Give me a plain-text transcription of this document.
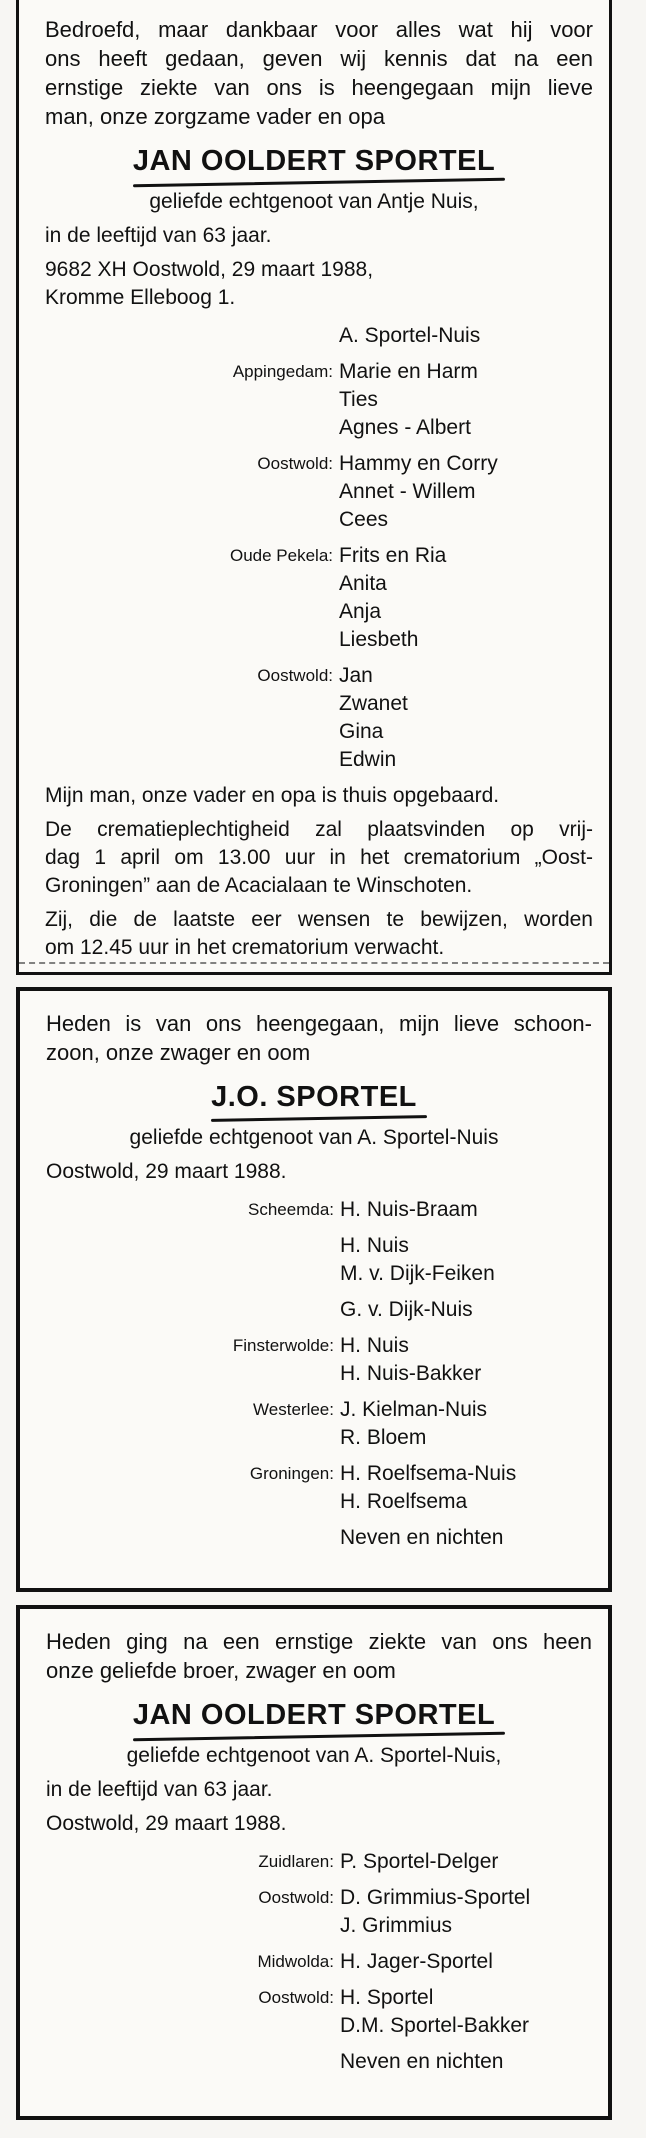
Bedroefd, maar dankbaar voor alles wat hij voor
ons heeft gedaan, geven wij kennis dat na een
ernstige ziekte van ons is heengegaan mijn lieve
man, onze zorgzame vader en opa
JAN OOLDERT SPORTEL
geliefde echtgenoot van Antje Nuis,
in de leeftijd van 63 jaar.
9682 XH Oostwold, 29 maart 1988,
Kromme Elleboog 1.
A. Sportel-Nuis
Appingedam: Marie en Harm
Ties
Agnes - Albert
Oostwold: Hammy en Corry
Annet - Willem
Cees
Oude Pekela: Frits en Ria
Anita
Anja
Liesbeth
Oostwold: Jan
Zwanet
Gina
Edwin
Mijn man, onze vader en opa is thuis opgebaard.
De crematieplechtigheid zal plaatsvinden op vrij-
dag 1 april om 13.00 uur in het crematorium „Oost-
Groningen” aan de Acacialaan te Winschoten.
Zij, die de laatste eer wensen te bewijzen, worden
om 12.45 uur in het crematorium verwacht.
Heden is van ons heengegaan, mijn lieve schoon-
zoon, onze zwager en oom
J.O. SPORTEL
geliefde echtgenoot van A. Sportel-Nuis
Oostwold, 29 maart 1988.
Scheemda: H. Nuis-Braam
H. Nuis
M. v. Dijk-Feiken
G. v. Dijk-Nuis
Finsterwolde: H. Nuis
H. Nuis-Bakker
Westerlee: J. Kielman-Nuis
R. Bloem
Groningen: H. Roelfsema-Nuis
H. Roelfsema
Neven en nichten
Heden ging na een ernstige ziekte van ons heen
onze geliefde broer, zwager en oom
JAN OOLDERT SPORTEL
geliefde echtgenoot van A. Sportel-Nuis,
in de leeftijd van 63 jaar.
Oostwold, 29 maart 1988.
Zuidlaren: P. Sportel-Delger
Oostwold: D. Grimmius-Sportel
J. Grimmius
Midwolda: H. Jager-Sportel
Oostwold: H. Sportel
D.M. Sportel-Bakker
Neven en nichten
